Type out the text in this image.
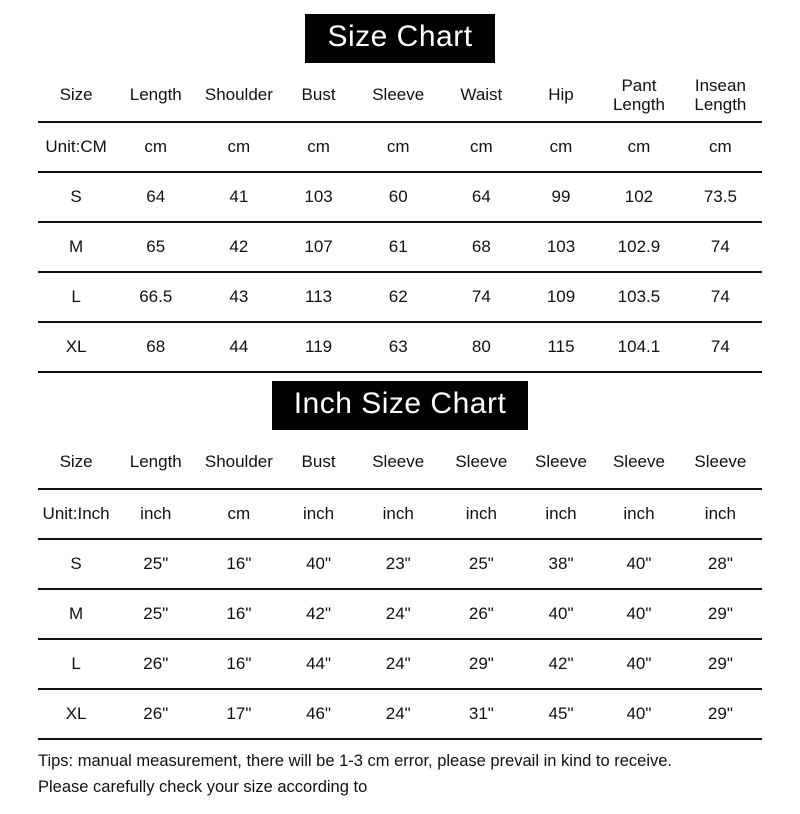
Size Chart
Size	Length	Shoulder	Bust	Sleeve	Waist	Hip	Pant Length	Insean Length
Unit:CM	cm	cm	cm	cm	cm	cm	cm	cm
S	64	41	103	60	64	99	102	73.5
M	65	42	107	61	68	103	102.9	74
L	66.5	43	113	62	74	109	103.5	74
XL	68	44	119	63	80	115	104.1	74
Inch Size Chart
Size	Length	Shoulder	Bust	Sleeve	Sleeve	Sleeve	Sleeve	Sleeve
Unit:Inch	inch	cm	inch	inch	inch	inch	inch	inch
S	25"	16"	40"	23"	25"	38"	40"	28"
M	25"	16"	42"	24"	26"	40"	40"	29"
L	26"	16"	44"	24"	29"	42"	40"	29"
XL	26"	17"	46"	24"	31"	45"	40"	29"

Tips: manual measurement, there will be 1-3 cm error, please prevail in kind to receive.

Please carefully check your size according to
